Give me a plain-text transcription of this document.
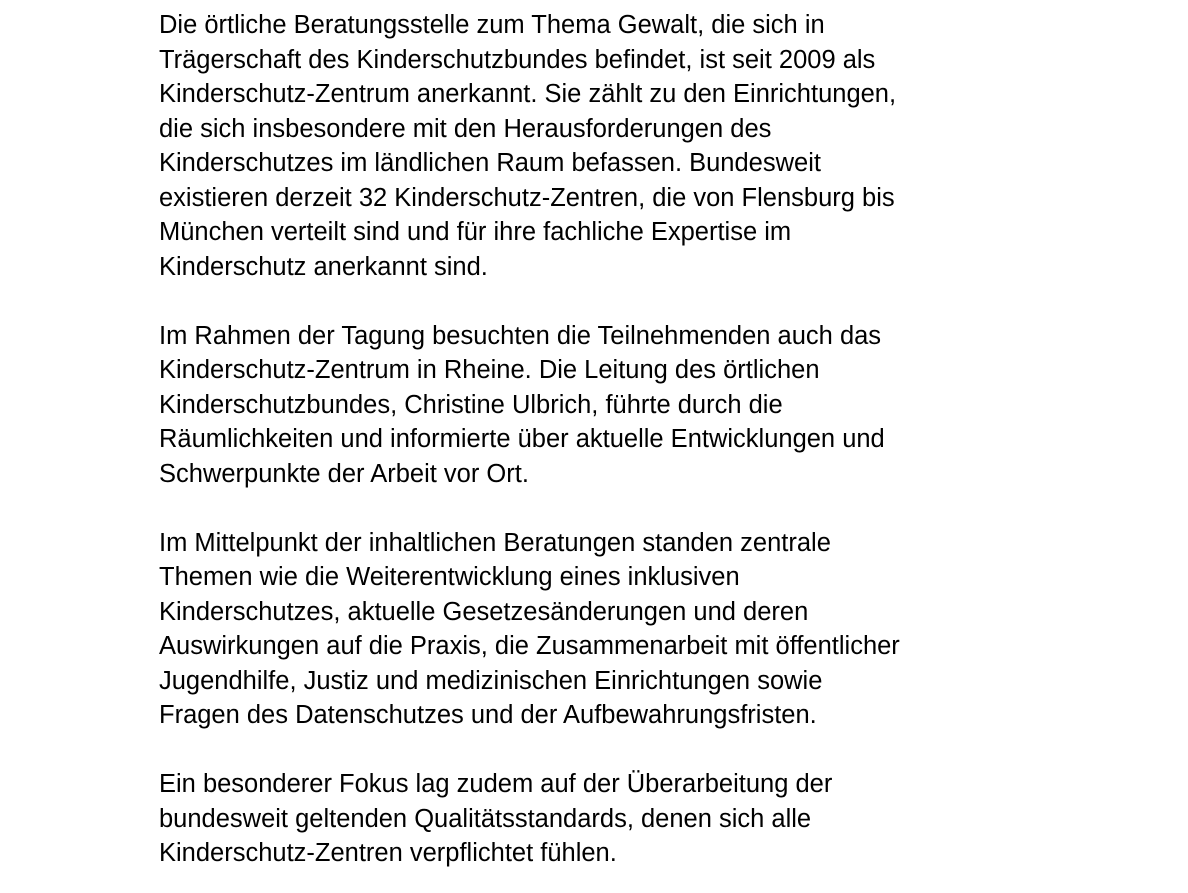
Die örtliche Beratungsstelle zum Thema Gewalt, die sich in
Trägerschaft des Kinderschutzbundes befindet, ist seit 2009 als
Kinderschutz-Zentrum anerkannt. Sie zählt zu den Einrichtungen,
die sich insbesondere mit den Herausforderungen des
Kinderschutzes im ländlichen Raum befassen. Bundesweit
existieren derzeit 32 Kinderschutz-Zentren, die von Flensburg bis
München verteilt sind und für ihre fachliche Expertise im
Kinderschutz anerkannt sind.

Im Rahmen der Tagung besuchten die Teilnehmenden auch das
Kinderschutz-Zentrum in Rheine. Die Leitung des örtlichen
Kinderschutzbundes, Christine Ulbrich, führte durch die
Räumlichkeiten und informierte über aktuelle Entwicklungen und
Schwerpunkte der Arbeit vor Ort.

Im Mittelpunkt der inhaltlichen Beratungen standen zentrale
Themen wie die Weiterentwicklung eines inklusiven
Kinderschutzes, aktuelle Gesetzesänderungen und deren
Auswirkungen auf die Praxis, die Zusammenarbeit mit öffentlicher
Jugendhilfe, Justiz und medizinischen Einrichtungen sowie
Fragen des Datenschutzes und der Aufbewahrungsfristen.

Ein besonderer Fokus lag zudem auf der Überarbeitung der
bundesweit geltenden Qualitätsstandards, denen sich alle
Kinderschutz-Zentren verpflichtet fühlen.
